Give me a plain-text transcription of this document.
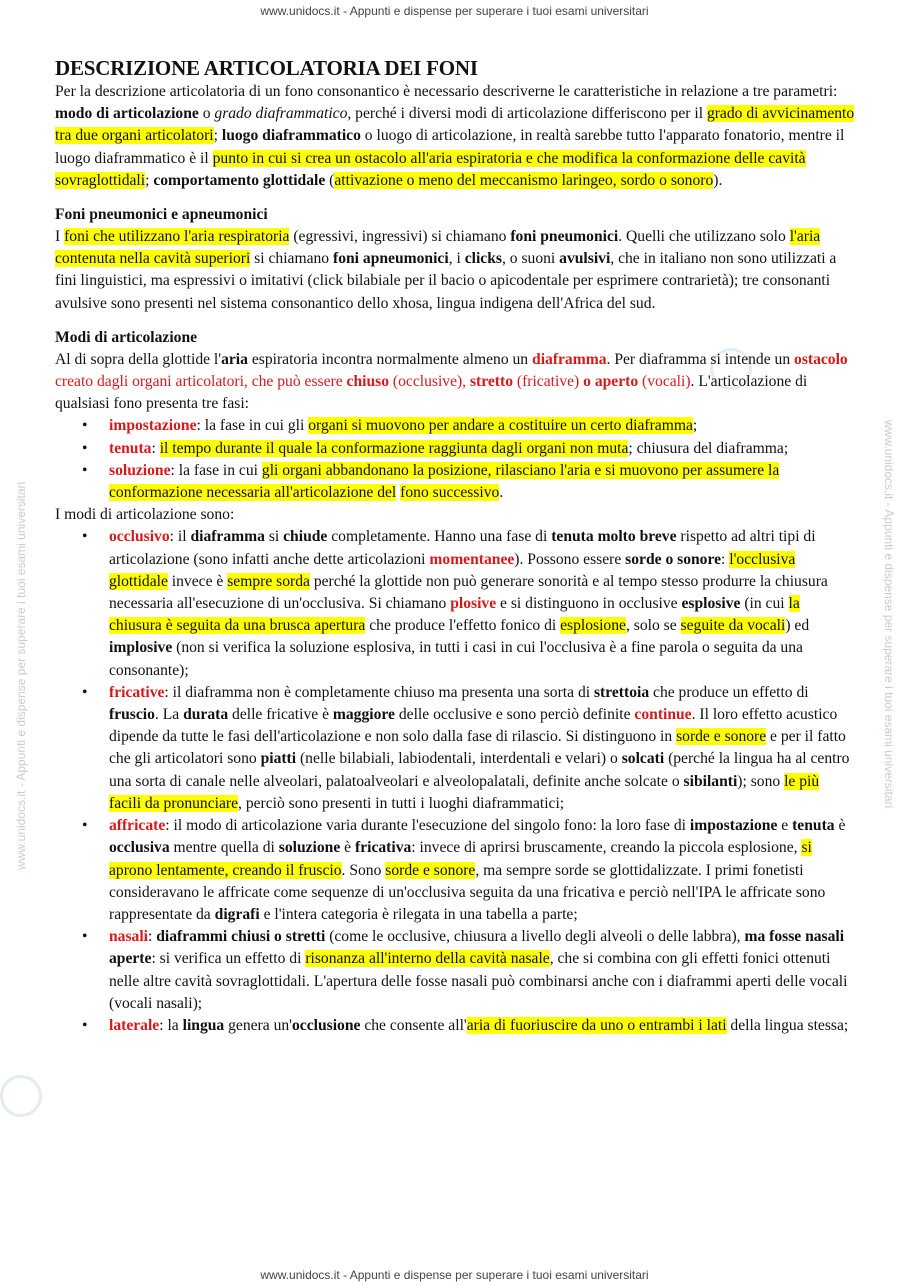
www.unidocs.it - Appunti e dispense per superare i tuoi esami universitari
www.unidocs.it - Appunti e dispense per superare i tuoi esami universitari
www.unidocs.it - Appunti e dispense per superare i tuoi esami universitari	www.unidocs.it - Appunti e dispense per superare i tuoi esami universitari
DESCRIZIONE ARTICOLATORIA DEI FONI

Per la descrizione articolatoria di un fono consonantico è necessario descriverne le caratteristiche in relazione a tre parametri: modo di articolazione o grado diaframmatico, perché i diversi modi di articolazione differiscono per il grado di avvicinamento tra due organi articolatori; luogo diaframmatico o luogo di articolazione, in realtà sarebbe tutto l'apparato fonatorio, mentre il luogo diaframmatico è il punto in cui si crea un ostacolo all'aria espiratoria e che modifica la conformazione delle cavità sovraglottidali; comportamento glottidale (attivazione o meno del meccanismo laringeo, sordo o sonoro).

Foni pneumonici e apneumonici

I foni che utilizzano l'aria respiratoria (egressivi, ingressivi) si chiamano foni pneumonici. Quelli che utilizzano solo l'aria contenuta nella cavità superiori si chiamano foni apneumonici, i clicks, o suoni avulsivi, che in italiano non sono utilizzati a fini linguistici, ma espressivi o imitativi (click bilabiale per il bacio o apicodentale per esprimere contrarietà); tre consonanti avulsive sono presenti nel sistema consonantico dello xhosa, lingua indigena dell'Africa del sud.

Modi di articolazione

Al di sopra della glottide l'aria espiratoria incontra normalmente almeno un diaframma. Per diaframma si intende un ostacolo creato dagli organi articolatori, che può essere chiuso (occlusive), stretto (fricative) o aperto (vocali). L'articolazione di qualsiasi fono presenta tre fasi:

• impostazione: la fase in cui gli organi si muovono per andare a costituire un certo diaframma;
• tenuta: il tempo durante il quale la conformazione raggiunta dagli organi non muta; chiusura del diaframma;
• soluzione: la fase in cui gli organi abbandonano la posizione, rilasciano l'aria e si muovono per assumere la conformazione necessaria all'articolazione del fono successivo.

I modi di articolazione sono:

• occlusivo: il diaframma si chiude completamente. Hanno una fase di tenuta molto breve rispetto ad altri tipi di articolazione (sono infatti anche dette articolazioni momentanee). Possono essere sorde o sonore: l'occlusiva glottidale invece è sempre sorda perché la glottide non può generare sonorità e al tempo stesso produrre la chiusura necessaria all'esecuzione di un'occlusiva. Si chiamano plosive e si distinguono in occlusive esplosive (in cui la chiusura è seguita da una brusca apertura che produce l'effetto fonico di esplosione, solo se seguite da vocali) ed implosive (non si verifica la soluzione esplosiva, in tutti i casi in cui l'occlusiva è a fine parola o seguita da una consonante);
• fricative: il diaframma non è completamente chiuso ma presenta una sorta di strettoia che produce un effetto di fruscio. La durata delle fricative è maggiore delle occlusive e sono perciò definite continue. Il loro effetto acustico dipende da tutte le fasi dell'articolazione e non solo dalla fase di rilascio. Si distinguono in sorde e sonore e per il fatto che gli articolatori sono piatti (nelle bilabiali, labiodentali, interdentali e velari) o solcati (perché la lingua ha al centro una sorta di canale nelle alveolari, palatoalveolari e alveolopalatali, definite anche solcate o sibilanti); sono le più facili da pronunciare, perciò sono presenti in tutti i luoghi diaframmatici;
• affricate: il modo di articolazione varia durante l'esecuzione del singolo fono: la loro fase di impostazione e tenuta è occlusiva mentre quella di soluzione è fricativa: invece di aprirsi bruscamente, creando la piccola esplosione, si aprono lentamente, creando il fruscio. Sono sorde e sonore, ma sempre sorde se glottidalizzate. I primi fonetisti consideravano le affricate come sequenze di un'occlusiva seguita da una fricativa e perciò nell'IPA le affricate sono rappresentate da digrafi e l'intera categoria è rilegata in una tabella a parte;
• nasali: diaframmi chiusi o stretti (come le occlusive, chiusura a livello degli alveoli o delle labbra), ma fosse nasali aperte: si verifica un effetto di risonanza all'interno della cavità nasale, che si combina con gli effetti fonici ottenuti nelle altre cavità sovraglottidali. L'apertura delle fosse nasali può combinarsi anche con i diaframmi aperti delle vocali (vocali nasali);
• laterale: la lingua genera un'occlusione che consente all'aria di fuoriuscire da uno o entrambi i lati della lingua stessa;
